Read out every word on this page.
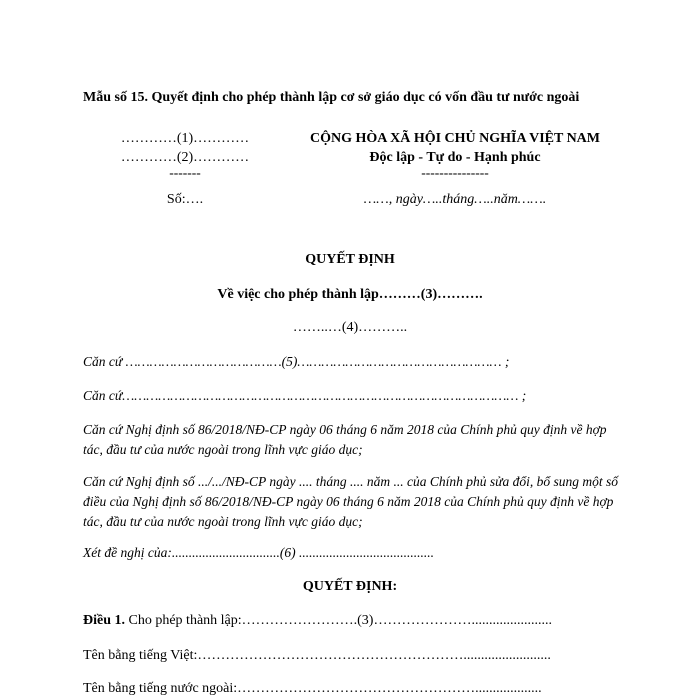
Mẫu số 15. Quyết định cho phép thành lập cơ sở giáo dục có vốn đầu tư nước ngoài
…………(1)…………
…………(2)…………
-------
Số:….
CỘNG HÒA XÃ HỘI CHỦ NGHĨA VIỆT NAM
Độc lập - Tự do - Hạnh phúc
---------------
……, ngày…..tháng…..năm…….
QUYẾT ĐỊNH
Về việc cho phép thành lập………(3)……….
……..…(4)………..
Căn cứ …………………………………(5)…………………………………………… ;
Căn cứ……………………………………………………………………………………… ;
Căn cứ Nghị định số 86/2018/NĐ-CP ngày 06 tháng 6 năm 2018 của Chính phủ quy định về hợp tác, đầu tư của nước ngoài trong lĩnh vực giáo dục;
Căn cứ Nghị định số .../.../NĐ-CP ngày .... tháng .... năm ... của Chính phủ sửa đổi, bổ sung một số điều của Nghị định số 86/2018/NĐ-CP ngày 06 tháng 6 năm 2018 của Chính phủ quy định về hợp tác, đầu tư của nước ngoài trong lĩnh vực giáo dục;
Xét đề nghị của:................................(6) ........................................
QUYẾT ĐỊNH:
Điều 1. Cho phép thành lập:…………………….(3)………………….......................
Tên bằng tiếng Việt:………………………………………………….........................
Tên bằng tiếng nước ngoài:……………………………………………...................
